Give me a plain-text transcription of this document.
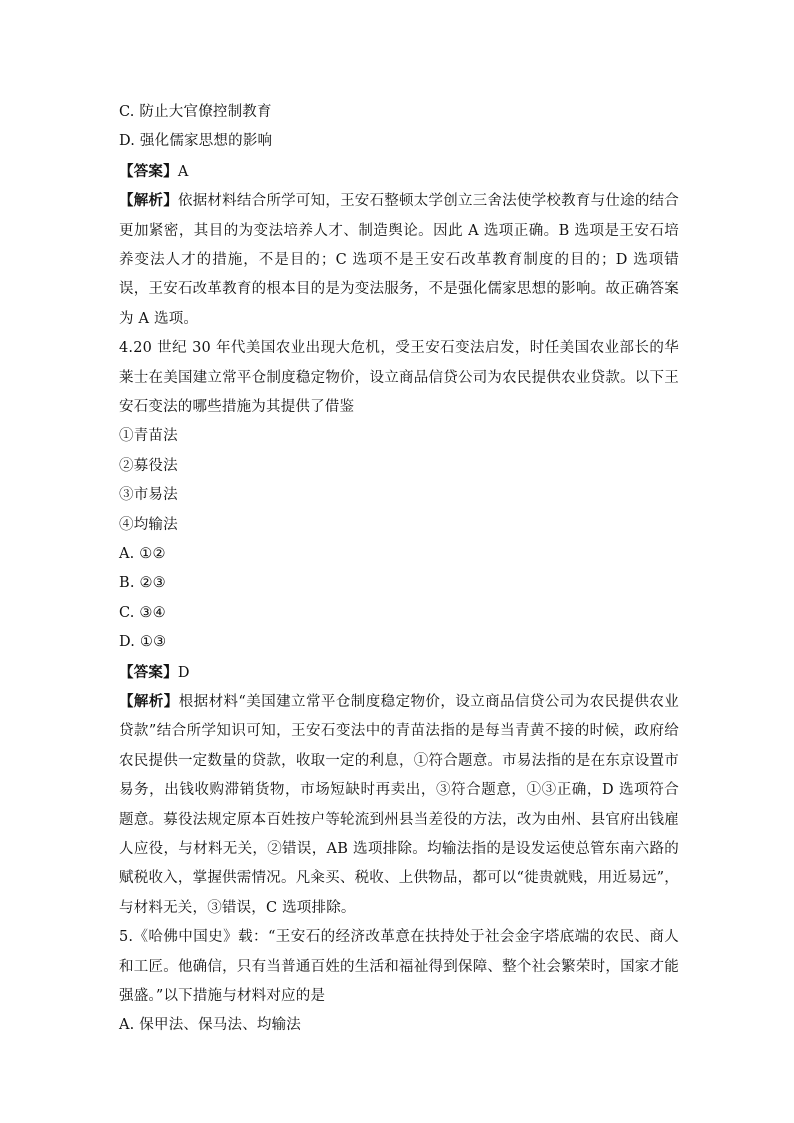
C. 防止大官僚控制教育
D. 强化儒家思想的影响
【答案】A
【解析】依据材料结合所学可知，王安石整顿太学创立三舍法使学校教育与仕途的结合更加紧密，其目的为变法培养人才、制造舆论。因此 A 选项正确。B 选项是王安石培养变法人才的措施，不是目的；C 选项不是王安石改革教育制度的目的；D 选项错误，王安石改革教育的根本目的是为变法服务，不是强化儒家思想的影响。故正确答案为 A 选项。
4.20 世纪 30 年代美国农业出现大危机，受王安石变法启发，时任美国农业部长的华莱士在美国建立常平仓制度稳定物价，设立商品信贷公司为农民提供农业贷款。以下王安石变法的哪些措施为其提供了借鉴
①青苗法
②募役法
③市易法
④均输法
A. ①②
B. ②③
C. ③④
D. ①③
【答案】D
【解析】根据材料“美国建立常平仓制度稳定物价，设立商品信贷公司为农民提供农业贷款”结合所学知识可知，王安石变法中的青苗法指的是每当青黄不接的时候，政府给农民提供一定数量的贷款，收取一定的利息，①符合题意。市易法指的是在东京设置市易务，出钱收购滞销货物，市场短缺时再卖出，③符合题意，①③正确，D 选项符合题意。募役法规定原本百姓按户等轮流到州县当差役的方法，改为由州、县官府出钱雇人应役，与材料无关，②错误，AB 选项排除。均输法指的是设发运使总管东南六路的赋税收入，掌握供需情况。凡籴买、税收、上供物品，都可以“徙贵就贱，用近易远”，与材料无关，③错误，C 选项排除。
5.《哈佛中国史》载：“王安石的经济改革意在扶持处于社会金字塔底端的农民、商人和工匠。他确信，只有当普通百姓的生活和福祉得到保障、整个社会繁荣时，国家才能强盛。”以下措施与材料对应的是
A. 保甲法、保马法、均输法
